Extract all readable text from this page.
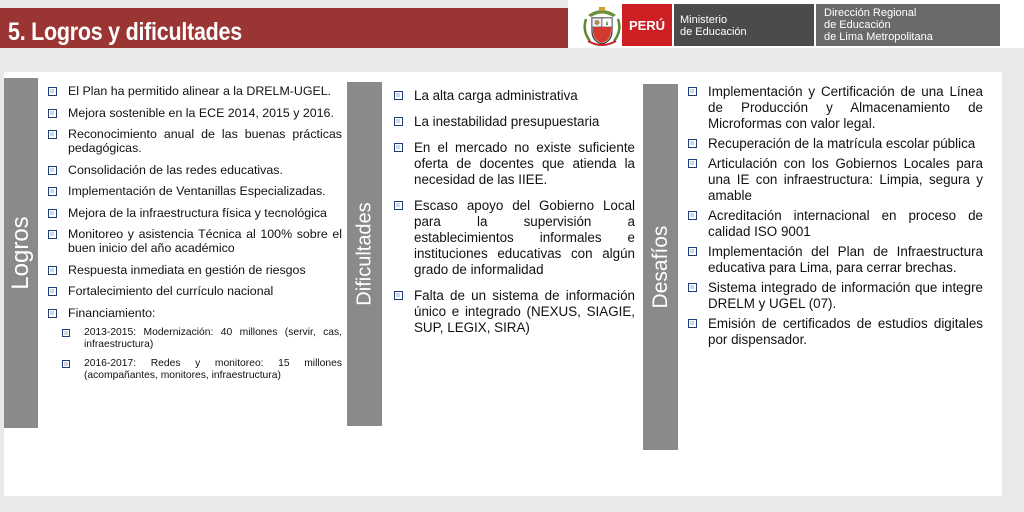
5. Logros y dificultades	PERÚ	Ministerio
de Educación
Dirección Regional
de Educación
de Lima Metropolitana
Logros	Dificultades	Desafíos
El Plan ha permitido alinear a la DRELM-UGEL.
Mejora sostenible en la ECE 2014, 2015 y 2016.
Reconocimiento anual de las buenas prácticas pedagógicas.
Consolidación de las redes educativas.
Implementación de Ventanillas Especializadas.
Mejora de la infraestructura física y tecnológica
Monitoreo y asistencia Técnica al 100% sobre el buen inicio del año académico
Respuesta inmediata en gestión de riesgos
Fortalecimiento del currículo nacional
Financiamiento:
2013-2015: Modernización: 40 millones (servir, cas, infraestructura)
2016-2017: Redes y monitoreo: 15 millones (acompañantes, monitores, infraestructura)
La alta carga administrativa
La inestabilidad presupuestaria
En el mercado no existe suficiente oferta de docentes que atienda la necesidad de las IIEE.
Escaso apoyo del Gobierno Local para la supervisión a establecimientos informales e instituciones educativas con algún grado de informalidad
Falta de un sistema de información único e integrado (NEXUS, SIAGIE, SUP, LEGIX, SIRA)
Implementación y Certificación de una Línea de Producción y Almacenamiento de Microformas con valor legal.
Recuperación de la matrícula escolar pública
Articulación con los Gobiernos Locales para una IE con infraestructura: Limpia, segura y amable
Acreditación internacional en proceso de calidad ISO 9001
Implementación del Plan de Infraestructura educativa para Lima, para cerrar brechas.
Sistema integrado de información que integre DRELM y UGEL (07).
Emisión de certificados de estudios digitales por dispensador.
